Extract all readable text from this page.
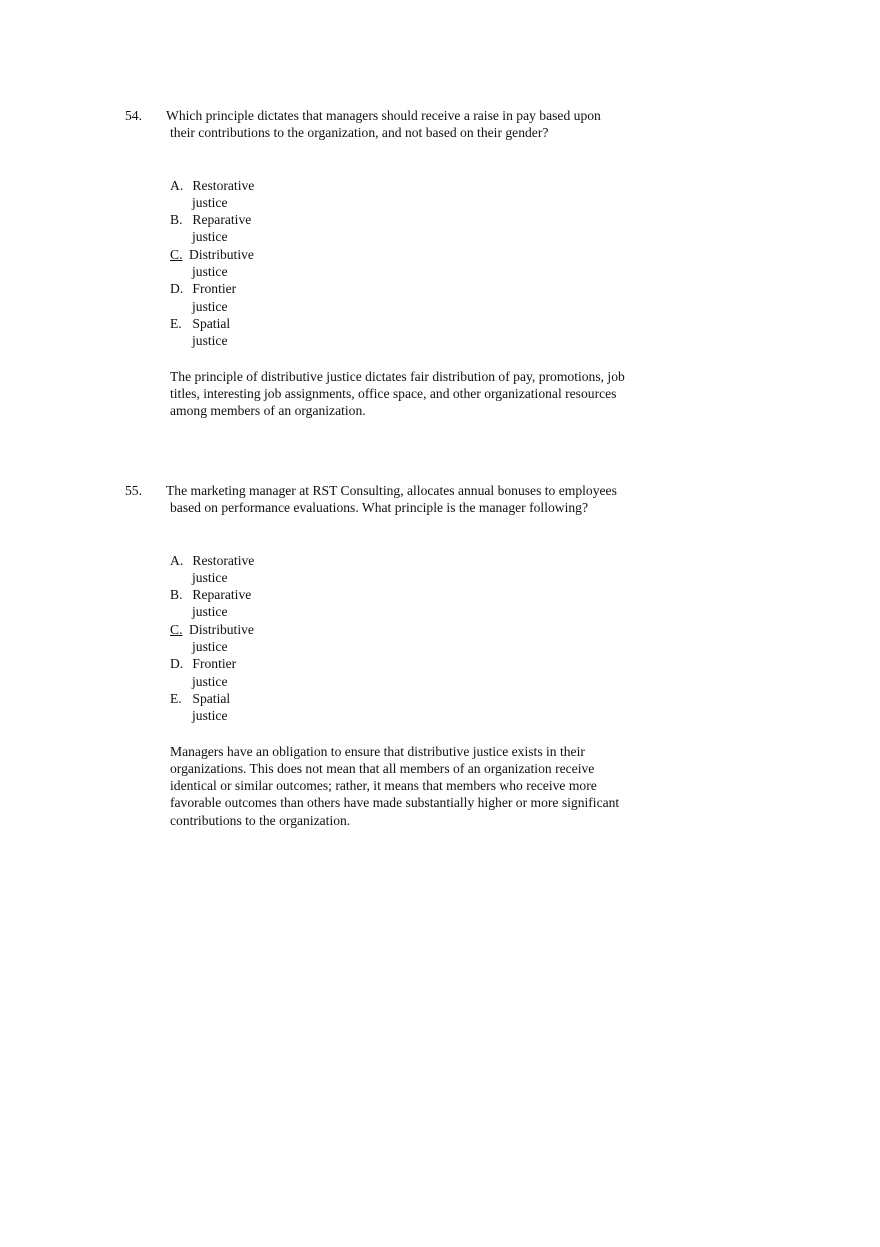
54. Which principle dictates that managers should receive a raise in pay based upon
their contributions to the organization, and not based on their gender?
A. Restorative
justice
B. Reparative
justice
C. Distributive
justice
D. Frontier
justice
E. Spatial
justice
The principle of distributive justice dictates fair distribution of pay, promotions, job
titles, interesting job assignments, office space, and other organizational resources
among members of an organization.
55. The marketing manager at RST Consulting, allocates annual bonuses to employees
based on performance evaluations. What principle is the manager following?
A. Restorative
justice
B. Reparative
justice
C. Distributive
justice
D. Frontier
justice
E. Spatial
justice
Managers have an obligation to ensure that distributive justice exists in their
organizations. This does not mean that all members of an organization receive
identical or similar outcomes; rather, it means that members who receive more
favorable outcomes than others have made substantially higher or more significant
contributions to the organization.
